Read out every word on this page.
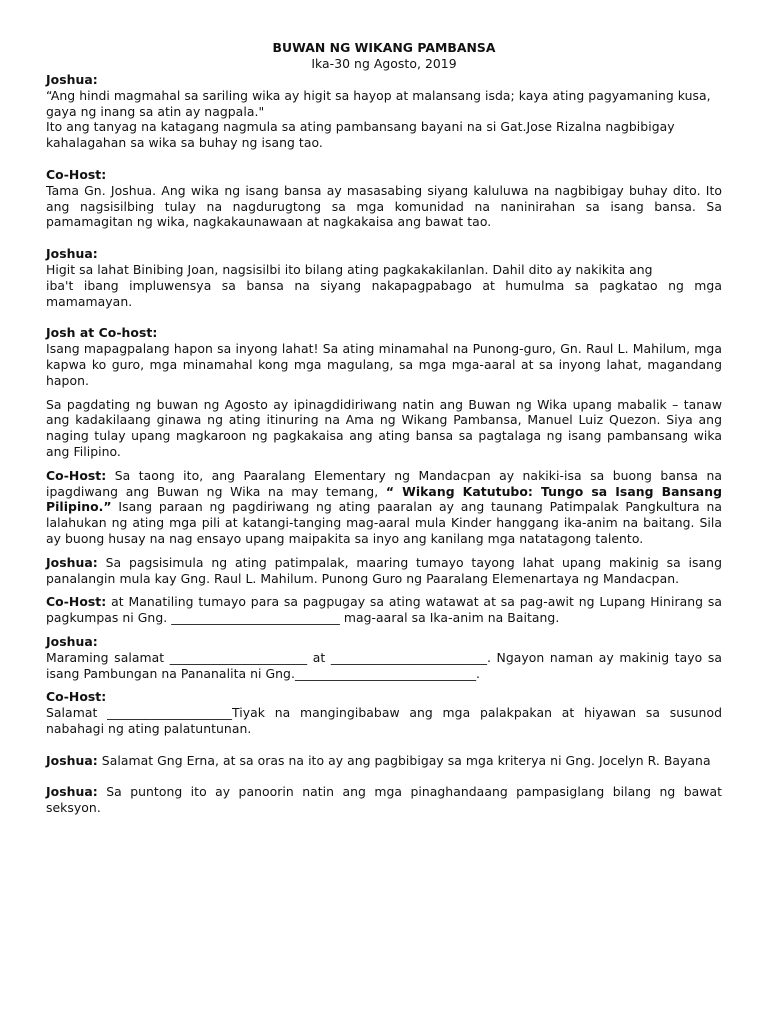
BUWAN NG WIKANG PAMBANSA
Ika-30 ng Agosto, 2019
Joshua:
“Ang hindi magmahal sa sariling wika ay higit sa hayop at malansang isda; kaya ating pagyamaning kusa, gaya ng inang sa atin ay nagpala."
Ito ang tanyag na katagang nagmula sa ating pambansang bayani na si Gat.Jose Rizalna nagbibigay kahalagahan sa wika sa buhay ng isang tao.
Co-Host:
Tama Gn. Joshua. Ang wika ng isang bansa ay masasabing siyang kaluluwa na nagbibigay buhay dito. Ito ang nagsisilbing tulay na nagdurugtong sa mga komunidad na naninirahan sa isang bansa. Sa pamamagitan ng wika, nagkakaunawaan at nagkakaisa ang bawat tao.
Joshua:
Higit sa lahat Binibing Joan, nagsisilbi ito bilang ating pagkakakilanlan. Dahil dito ay nakikita ang
iba't ibang impluwensya sa bansa na siyang nakapagpabago at humulma sa pagkatao ng mga mamamayan.
Josh at Co-host:
Isang mapagpalang hapon sa inyong lahat! Sa ating minamahal na Punong-guro, Gn. Raul L. Mahilum, mga kapwa ko guro, mga minamahal kong mga magulang, sa mga mga-aaral at sa inyong lahat, magandang hapon.
Sa pagdating ng buwan ng Agosto ay ipinagdidiriwang natin ang Buwan ng Wika upang mabalik – tanaw ang kadakilaang ginawa ng ating itinuring na Ama ng Wikang Pambansa, Manuel Luiz Quezon. Siya ang naging tulay upang magkaroon ng pagkakaisa ang ating bansa sa pagtalaga ng isang pambansang wika ang Filipino.
Co-Host: Sa taong ito, ang Paaralang Elementary ng Mandacpan ay nakiki-isa sa buong bansa na ipagdiwang ang Buwan ng Wika na may temang, “ Wikang Katutubo: Tungo sa Isang Bansang Pilipino.” Isang paraan ng pagdiriwang ng ating paaralan ay ang taunang Patimpalak Pangkultura na lalahukan ng ating mga pili at katangi-tanging mag-aaral mula Kinder hanggang ika-anim na baitang. Sila ay buong husay na nag ensayo upang maipakita sa inyo ang kanilang mga natatagong talento.
Joshua: Sa pagsisimula ng ating patimpalak, maaring tumayo tayong lahat upang makinig sa isang panalangin mula kay Gng. Raul L. Mahilum. Punong Guro ng Paaralang Elemenartaya ng Mandacpan.
Co-Host: at Manatiling tumayo para sa pagpugay sa ating watawat at sa pag-awit ng Lupang Hinirang sa pagkumpas ni Gng. ___________________________ mag-aaral sa Ika-anim na Baitang.
Joshua:
Maraming salamat ______________________ at _________________________. Ngayon naman ay makinig tayo sa isang Pambungan na Pananalita ni Gng._____________________________.
Co-Host:
Salamat ____________________Tiyak na mangingibabaw ang mga palakpakan at hiyawan sa susunod nabahagi ng ating palatuntunan.
Joshua: Salamat Gng Erna, at sa oras na ito ay ang pagbibigay sa mga kriterya ni Gng. Jocelyn R. Bayana
Joshua: Sa puntong ito ay panoorin natin ang mga pinaghandaang pampasiglang bilang ng bawat seksyon.
